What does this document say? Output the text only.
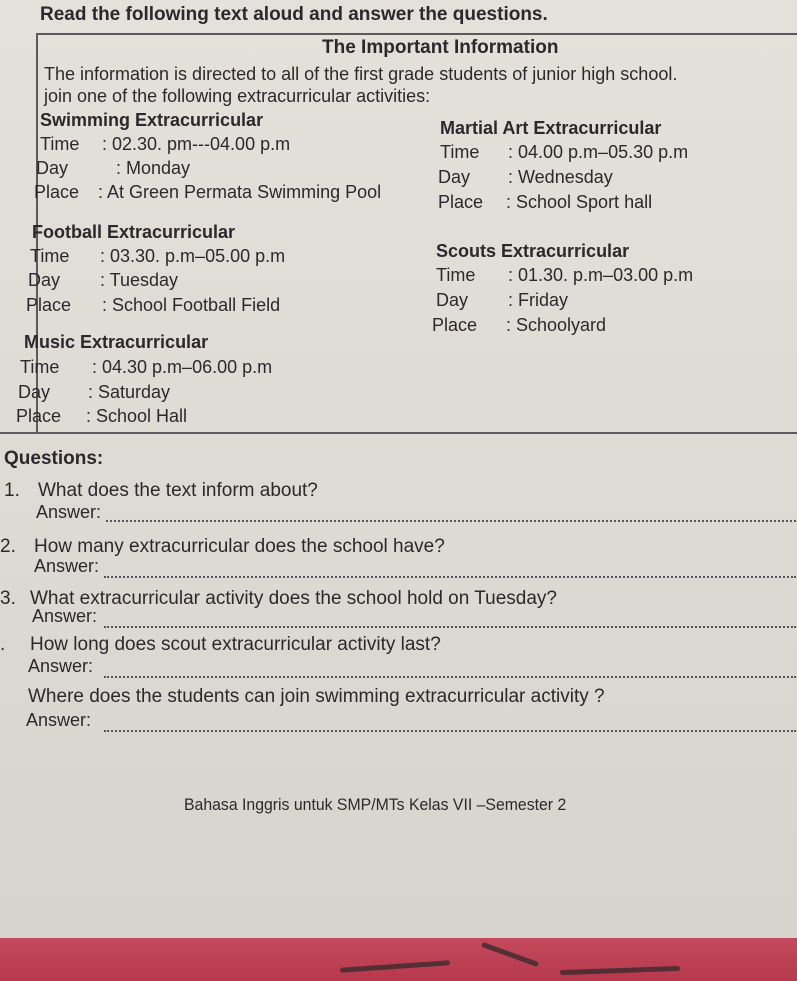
Read the following text aloud and answer the questions.
The Important Information
The information is directed to all of the first grade students of junior high school.
join one of the following extracurricular activities:
Swimming Extracurricular
Time : 02.30. pm---04.00 p.m
Day	: Monday
Place : At Green Permata Swimming Pool
Martial Art Extracurricular
Time : 04.00 p.m–05.30 p.m
Day : Wednesday
Place : School Sport hall
Football Extracurricular
Time : 03.30. p.m–05.00 p.m
Day : Tuesday
Place : School Football Field
Scouts Extracurricular
Time : 01.30. p.m–03.00 p.m
Day : Friday
Place : Schoolyard
Music Extracurricular
Time : 04.30 p.m–06.00 p.m
Day : Saturday
Place : School Hall
Questions:
1. What does the text inform about?
Answer:
2. How many extracurricular does the school have?
Answer:
3. What extracurricular activity does the school hold on Tuesday?
Answer:
. How long does scout extracurricular activity last?
Answer:
Where does the students can join swimming extracurricular activity ?
Answer:
Bahasa Inggris untuk SMP/MTs Kelas VII –Semester 2
